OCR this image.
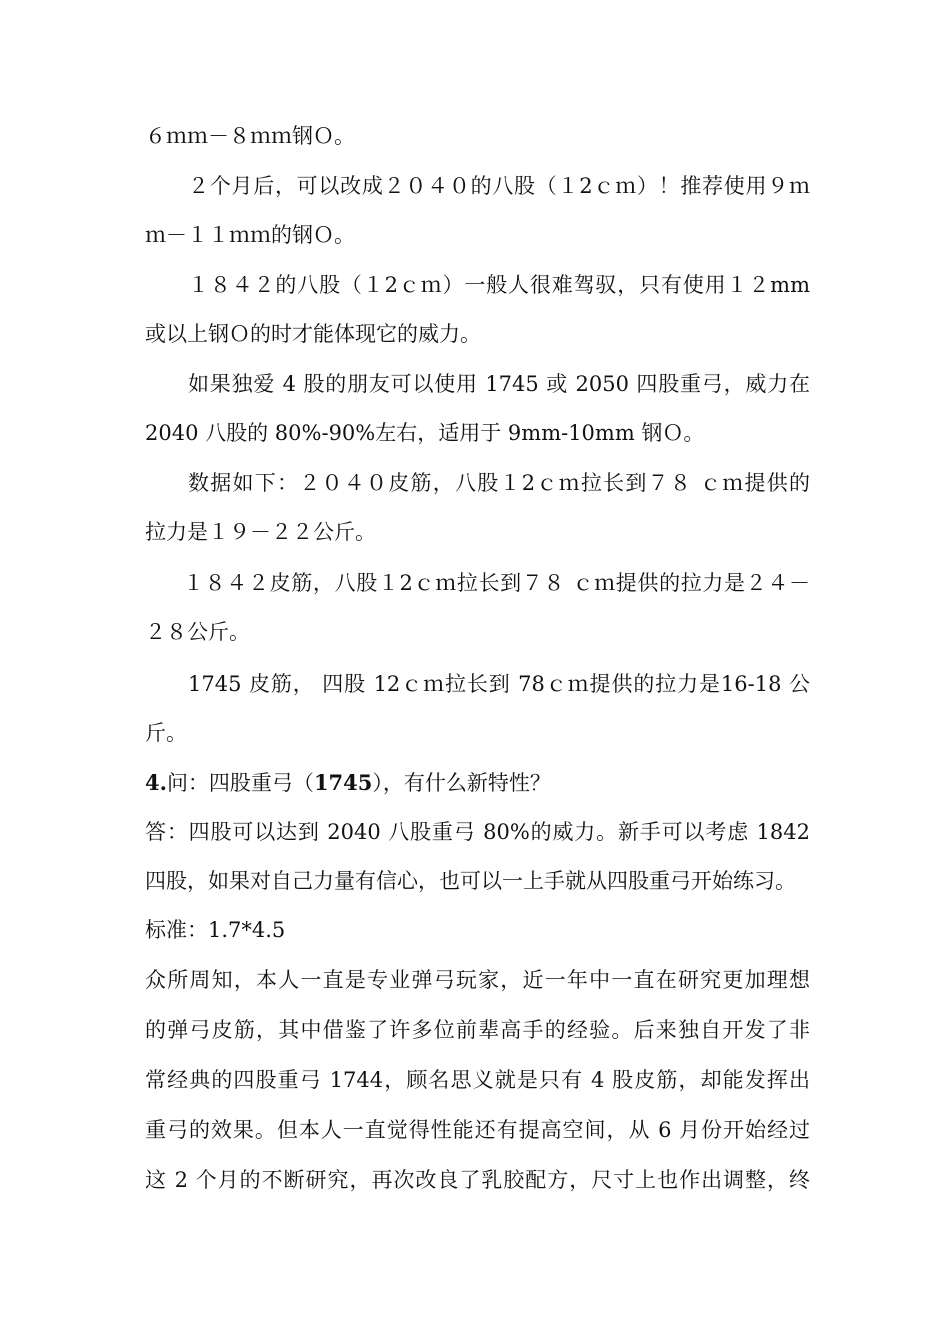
６ｍｍ－８ｍｍ钢Ｏ。
２个月后，可以改成２０４０的八股（１2ｃｍ）！推荐使用９ｍ
ｍ－１１ｍｍ的钢Ｏ。
１８４２的八股（１2ｃｍ）一般人很难驾驭，只有使用１２mm
或以上钢Ｏ的时才能体现它的威力。
如果独爱 4 股的朋友可以使用 1745 或 2050 四股重弓，威力在
2040 八股的 80%-90%左右，适用于 9mm-10mm 钢Ｏ。
数据如下：２０４０皮筋，八股１2ｃｍ拉长到７８ ｃｍ提供的
拉力是１９－２２公斤。
１８４２皮筋，八股１2ｃｍ拉长到７８ ｃｍ提供的拉力是２４－
２８公斤。
1745 皮筋， 四股 12ｃｍ拉长到 78ｃｍ提供的拉力是16-18 公
斤。
4.问：四股重弓（1745），有什么新特性？
答：四股可以达到 2040 八股重弓 80%的威力。新手可以考虑 1842
四股，如果对自己力量有信心，也可以一上手就从四股重弓开始练习。
标准：1.7*4.5
众所周知，本人一直是专业弹弓玩家，近一年中一直在研究更加理想
的弹弓皮筋，其中借鉴了许多位前辈高手的经验。后来独自开发了非
常经典的四股重弓 1744，顾名思义就是只有 4 股皮筋，却能发挥出
重弓的效果。但本人一直觉得性能还有提高空间，从 6 月份开始经过
这 2 个月的不断研究，再次改良了乳胶配方，尺寸上也作出调整，终
